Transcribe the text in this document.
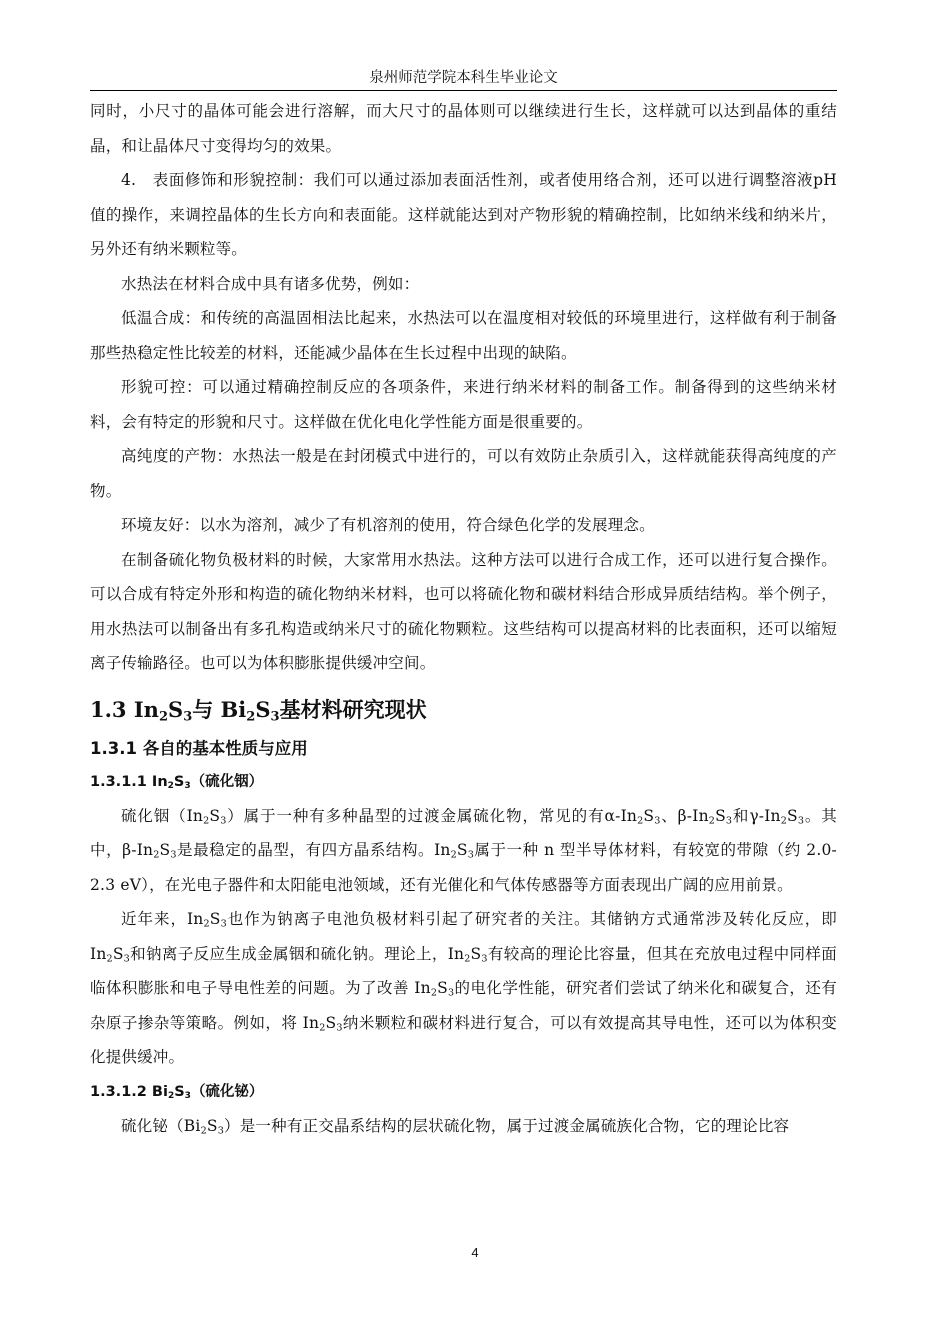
泉州师范学院本科生毕业论文

同时，小尺寸的晶体可能会进行溶解，而大尺寸的晶体则可以继续进行生长，这样就可以达到晶体的重结晶，和让晶体尺寸变得均匀的效果。

4.　表面修饰和形貌控制：我们可以通过添加表面活性剂，或者使用络合剂，还可以进行调整溶液pH 值的操作，来调控晶体的生长方向和表面能。这样就能达到对产物形貌的精确控制，比如纳米线和纳米片，另外还有纳米颗粒等。

水热法在材料合成中具有诸多优势，例如：

低温合成：和传统的高温固相法比起来，水热法可以在温度相对较低的环境里进行，这样做有利于制备那些热稳定性比较差的材料，还能减少晶体在生长过程中出现的缺陷。

形貌可控：可以通过精确控制反应的各项条件，来进行纳米材料的制备工作。制备得到的这些纳米材料，会有特定的形貌和尺寸。这样做在优化电化学性能方面是很重要的。

高纯度的产物：水热法一般是在封闭模式中进行的，可以有效防止杂质引入，这样就能获得高纯度的产物。

环境友好：以水为溶剂，减少了有机溶剂的使用，符合绿色化学的发展理念。

在制备硫化物负极材料的时候，大家常用水热法。这种方法可以进行合成工作，还可以进行复合操作。可以合成有特定外形和构造的硫化物纳米材料，也可以将硫化物和碳材料结合形成异质结结构。举个例子，用水热法可以制备出有多孔构造或纳米尺寸的硫化物颗粒。这些结构可以提高材料的比表面积，还可以缩短离子传输路径。也可以为体积膨胀提供缓冲空间。

1.3 $In_2S_3$与 $Bi_2S_3$基材料研究现状
1.3.1 各自的基本性质与应用
1.3.1.1 $In_2S_3$（硫化铟）

硫化铟$(In_2S_3)$属于一种有多种晶型的过渡金属硫化物，常见的有$\alpha-In_2S_3$、$\beta-In_2S_3$和$\gamma-In_2S_3$。其中，$\beta-In_2S_3$是最稳定的晶型，有四方晶系结构。$In_2S_3$属于一种 n 型半导体材料，有较宽的带隙（约 2.0-2.3 eV），在光电子器件和太阳能电池领域，还有光催化和气体传感器等方面表现出广阔的应用前景。

近年来，$In_2S_3$也作为钠离子电池负极材料引起了研究者的关注。其储钠方式通常涉及转化反应，即 $In_2S_3$和钠离子反应生成金属铟和硫化钠。理论上，$In_2S_3$有较高的理论比容量，但其在充放电过程中同样面临体积膨胀和电子导电性差的问题。为了改善 $In_2S_3$的电化学性能，研究者们尝试了纳米化和碳复合，还有杂原子掺杂等策略。例如，将 $In_2S_3$纳米颗粒和碳材料进行复合，可以有效提高其导电性，还可以为体积变化提供缓冲。

1.3.1.2 $Bi_2S_3$（硫化铋）

硫化铋$(Bi_2S_3)$是一种有正交晶系结构的层状硫化物，属于过渡金属硫族化合物，它的理论比容

4
